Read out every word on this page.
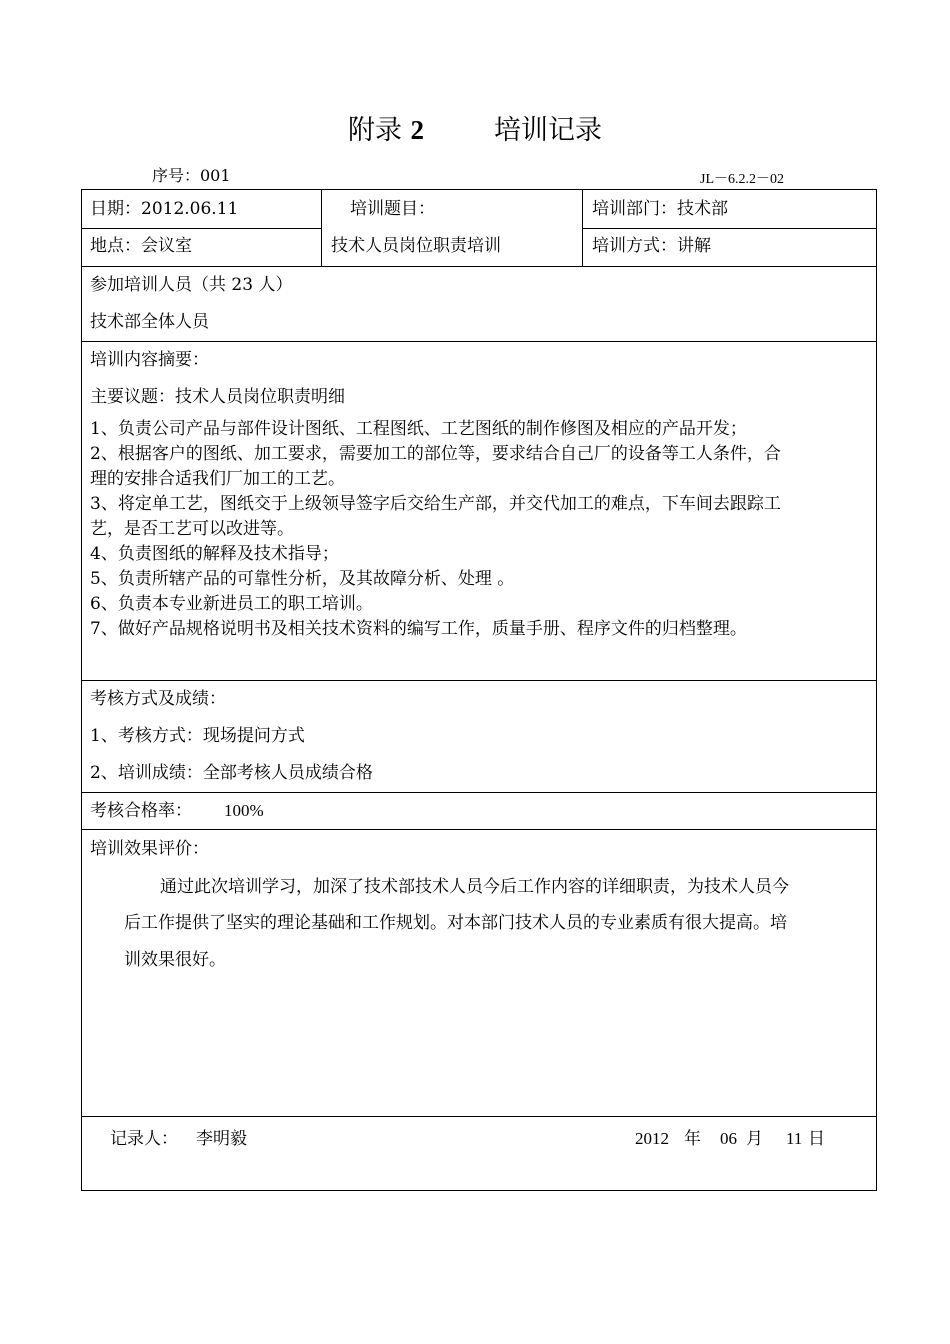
附录 2	培训记录
序号：001	JL－6.2.2－02
日期：2012.06.11	培训题目：	培训部门：技术部
地点：会议室	技术人员岗位职责培训	培训方式：讲解
参加培训人员（共 23 人）
技术部全体人员
培训内容摘要：
主要议题：技术人员岗位职责明细
1、负责公司产品与部件设计图纸、工程图纸、工艺图纸的制作修图及相应的产品开发；
2、根据客户的图纸、加工要求，需要加工的部位等，要求结合自己厂的设备等工人条件，合
理的安排合适我们厂加工的工艺。
3、将定单工艺，图纸交于上级领导签字后交给生产部，并交代加工的难点，下车间去跟踪工
艺，是否工艺可以改进等。
4、负责图纸的解释及技术指导；
5、负责所辖产品的可靠性分析，及其故障分析、处理 。
6、负责本专业新进员工的职工培训。
7、做好产品规格说明书及相关技术资料的编写工作，质量手册、程序文件的归档整理。
考核方式及成绩：
1、考核方式：现场提问方式
2、培训成绩：全部考核人员成绩合格
考核合格率： 100%
培训效果评价：
通过此次培训学习，加深了技术部技术人员今后工作内容的详细职责，为技术人员今
后工作提供了坚实的理论基础和工作规划。对本部门技术人员的专业素质有很大提高。培
训效果很好。
记录人： 李明毅	2012 年 06 月 11 日
